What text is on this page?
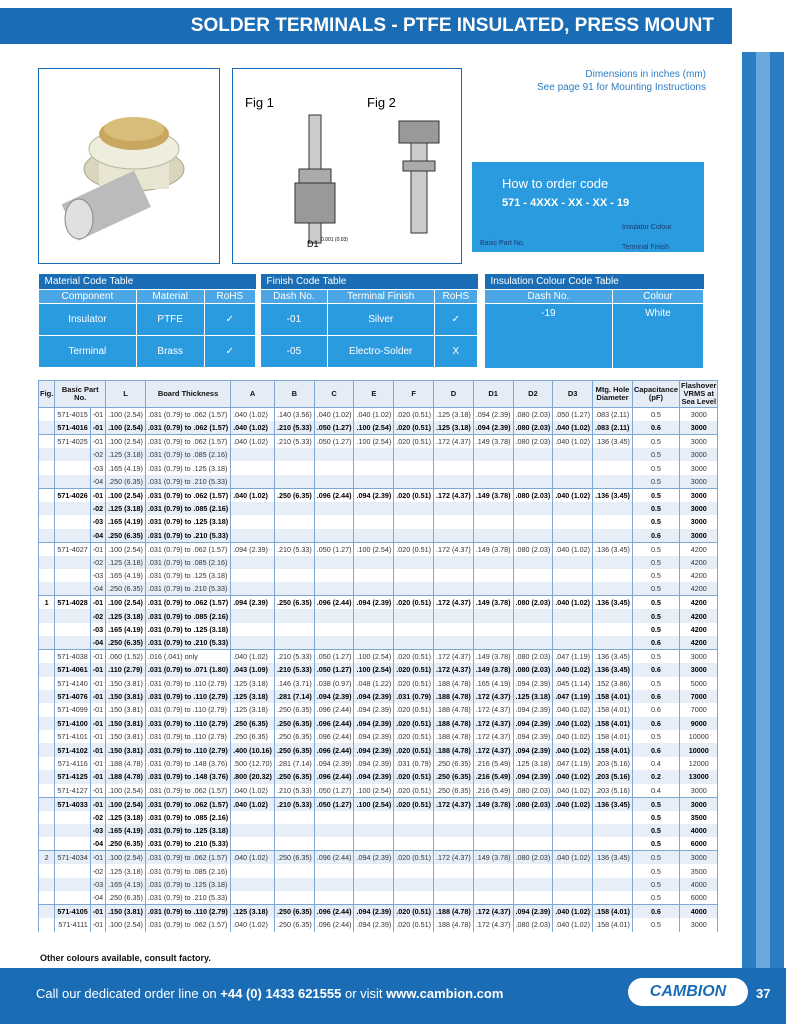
SOLDER TERMINALS - PTFE INSULATED, PRESS MOUNT
Fig 1	Fig 2
D1 0.001 (0.03)
Dimensions in inches (mm)
See page 91 for Mounting Instructions
How to order code
571 - 4XXX - XX - XX - 19
Insulator Colour
Basic Part No.
Terminal Finish
Material Code Table		
Component	Material	RoHS
Insulator	PTFE	✓
Terminal	Brass	✓
Finish Code Table		
Dash No.	Terminal Finish	RoHS
-01	Silver	✓
-05	Electro-Solder	X
Insulation Colour Code Table	
Dash No.	Colour
-19	White
Fig.	Basic Part No.		L	Board Thickness	A	B	C	E	F	D	D1	D2	D3	Mtg. Hole Diameter	Capacitance (pF)	Flashover VRMS at Sea Level
	571-4015	-01	.100 (2.54)	.031 (0.79) to .062 (1.57)	.040 (1.02)	.140 (3.56)	.040 (1.02)	.040 (1.02)	.020 (0.51)	.125 (3.18)	.094 (2.39)	.080 (2.03)	.050 (1.27)	.083 (2.11)	0.5	3000
	571-4016	-01	.100 (2.54)	.031 (0.79) to .062 (1.57)	.040 (1.02)	.210 (5.33)	.050 (1.27)	.100 (2.54)	.020 (0.51)	.125 (3.18)	.094 (2.39)	.080 (2.03)	.040 (1.02)	.083 (2.11)	0.6	3000
	571-4025	-01	.100 (2.54)	.031 (0.79) to .062 (1.57)	.040 (1.02)	.210 (5.33)	.050 (1.27)	.100 (2.54)	.020 (0.51)	.172 (4.37)	.149 (3.78)	.080 (2.03)	.040 (1.02)	.136 (3.45)	0.5	3000
		-02	.125 (3.18)	.031 (0.79) to .085 (2.16)											0.5	3000
		-03	.165 (4.19)	.031 (0.79) to .125 (3.18)											0.5	3000
		-04	.250 (6.35)	.031 (0.79) to .210 (5.33)											0.5	3000
	571-4026	-01	.100 (2.54)	.031 (0.79) to .062 (1.57)	.040 (1.02)	.250 (6.35)	.096 (2.44)	.094 (2.39)	.020 (0.51)	.172 (4.37)	.149 (3.78)	.080 (2.03)	.040 (1.02)	.136 (3.45)	0.5	3000
		-02	.125 (3.18)	.031 (0.79) to .085 (2.16)											0.5	3000
		-03	.165 (4.19)	.031 (0.79) to .125 (3.18)											0.5	3000
		-04	.250 (6.35)	.031 (0.79) to .210 (5.33)											0.6	3000
	571-4027	-01	.100 (2.54)	.031 (0.79) to .062 (1.57)	.094 (2.39)	.210 (5.33)	.050 (1.27)	.100 (2.54)	.020 (0.51)	.172 (4.37)	.149 (3.78)	.080 (2.03)	.040 (1.02)	.136 (3.45)	0.5	4200
		-02	.125 (3.18)	.031 (0.79) to .085 (2.16)											0.5	4200
		-03	.165 (4.19)	.031 (0.79) to .125 (3.18)											0.5	4200
		-04	.250 (6.35)	.031 (0.79) to .210 (5.33)											0.5	4200
1	571-4028	-01	.100 (2.54)	.031 (0.79) to .062 (1.57)	.094 (2.39)	.250 (6.35)	.096 (2.44)	.094 (2.39)	.020 (0.51)	.172 (4.37)	.149 (3.78)	.080 (2.03)	.040 (1.02)	.136 (3.45)	0.5	4200
		-02	.125 (3.18)	.031 (0.79) to .085 (2.16)											0.5	4200
		-03	.165 (4.19)	.031 (0.79) to .125 (3.18)											0.5	4200
		-04	.250 (6.35)	.031 (0.79) to .210 (5.33)											0.6	4200
	571-4038	-01	.060 (1.52)	.016 (.041) only	.040 (1.02)	.210 (5.33)	.050 (1.27)	.100 (2.54)	.020 (0.51)	.172 (4.37)	.149 (3.78)	.080 (2.03)	.047 (1.19)	.136 (3.45)	0.5	3000
	571-4061	-01	.110 (2.79)	.031 (0.79) to .071 (1.80)	.043 (1.09)	.210 (5.33)	.050 (1.27)	.100 (2.54)	.020 (0.51)	.172 (4.37)	.149 (3.78)	.080 (2.03)	.040 (1.02)	.136 (3.45)	0.6	3000
	571-4140	-01	.150 (3.81)	.031 (0.79) to .110 (2.79)	.125 (3.18)	.146 (3.71)	.038 (0.97)	.048 (1.22)	.020 (0.51)	.188 (4.78)	.165 (4.19)	.094 (2.39)	.045 (1.14)	.152 (3.86)	0.5	5000
	571-4076	-01	.150 (3.81)	.031 (0.79) to .110 (2.79)	.125 (3.18)	.281 (7.14)	.094 (2.39)	.094 (2.39)	.031 (0.79)	.188 (4.78)	.172 (4.37)	.125 (3.18)	.047 (1.19)	.158 (4.01)	0.6	7000
	571-4099	-01	.150 (3.81)	.031 (0.79) to .110 (2.79)	.125 (3.18)	.250 (6.35)	.096 (2.44)	.094 (2.39)	.020 (0.51)	.188 (4.78)	.172 (4.37)	.094 (2.39)	.040 (1.02)	.158 (4.01)	0.6	7000
	571-4100	-01	.150 (3.81)	.031 (0.79) to .110 (2.79)	.250 (6.35)	.250 (6.35)	.096 (2.44)	.094 (2.39)	.020 (0.51)	.188 (4.78)	.172 (4.37)	.094 (2.39)	.040 (1.02)	.158 (4.01)	0.6	9000
	571-4101	-01	.150 (3.81)	.031 (0.79) to .110 (2.79)	.250 (6.35)	.250 (6.35)	.096 (2.44)	.094 (2.39)	.020 (0.51)	.188 (4.78)	.172 (4.37)	.094 (2.39)	.040 (1.02)	.158 (4.01)	0.5	10000
	571-4102	-01	.150 (3.81)	.031 (0.79) to .110 (2.79)	.400 (10.16)	.250 (6.35)	.096 (2.44)	.094 (2.39)	.020 (0.51)	.188 (4.78)	.172 (4.37)	.094 (2.39)	.040 (1.02)	.158 (4.01)	0.6	10000
	571-4116	-01	.188 (4.78)	.031 (0.79) to .148 (3.76)	.500 (12.70)	.281 (7.14)	.094 (2.39)	.094 (2.39)	.031 (0.79)	.250 (6.35)	.216 (5.49)	.125 (3.18)	.047 (1.19)	.203 (5.16)	0.4	12000
	571-4125	-01	.188 (4.78)	.031 (0.79) to .148 (3.76)	.800 (20.32)	.250 (6.35)	.096 (2.44)	.094 (2.39)	.020 (0.51)	.250 (6.35)	.216 (5.49)	.094 (2.39)	.040 (1.02)	.203 (5.16)	0.2	13000
	571-4127	-01	.100 (2.54)	.031 (0.79) to .062 (1.57)	.040 (1.02)	.210 (5.33)	.050 (1.27)	.100 (2.54)	.020 (0.51)	.250 (6.35)	.216 (5.49)	.080 (2.03)	.040 (1.02)	.203 (5.16)	0.4	3000
	571-4033	-01	.100 (2.54)	.031 (0.79) to .062 (1.57)	.040 (1.02)	.210 (5.33)	.050 (1.27)	.100 (2.54)	.020 (0.51)	.172 (4.37)	.149 (3.78)	.080 (2.03)	.040 (1.02)	.136 (3.45)	0.5	3000
		-02	.125 (3.18)	.031 (0.79) to .085 (2.16)											0.5	3500
		-03	.165 (4.19)	.031 (0.79) to .125 (3.18)											0.5	4000
		-04	.250 (6.35)	.031 (0.79) to .210 (5.33)											0.5	6000
2	571-4034	-01	.100 (2.54)	.031 (0.79) to .062 (1.57)	.040 (1.02)	.250 (6.35)	.096 (2.44)	.094 (2.39)	.020 (0.51)	.172 (4.37)	.149 (3.78)	.080 (2.03)	.040 (1.02)	.136 (3.45)	0.5	3000
		-02	.125 (3.18)	.031 (0.79) to .085 (2.16)											0.5	3500
		-03	.165 (4.19)	.031 (0.79) to .125 (3.18)											0.5	4000
		-04	.250 (6.35)	.031 (0.79) to .210 (5.33)											0.5	6000
	571-4105	-01	.150 (3.81)	.031 (0.79) to .110 (2.79)	.125 (3.18)	.250 (6.35)	.096 (2.44)	.094 (2.39)	.020 (0.51)	.188 (4.78)	.172 (4.37)	.094 (2.39)	.040 (1.02)	.158 (4.01)	0.6	4000
	571-4111	-01	.100 (2.54)	.031 (0.79) to .062 (1.57)	.040 (1.02)	.250 (6.35)	.096 (2.44)	.094 (2.39)	.020 (0.51)	.188 (4.78)	.172 (4.37)	.080 (2.03)	.040 (1.02)	.158 (4.01)	0.5	3000
Other colours available, consult factory.
Call our dedicated order line on +44 (0) 1433 621555 or visit www.cambion.com	CAMBION	37
